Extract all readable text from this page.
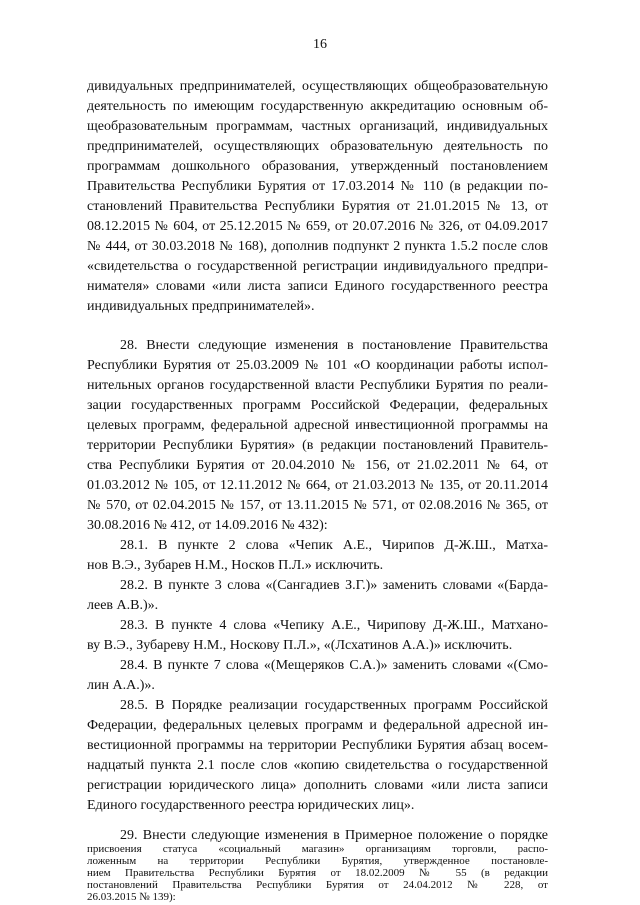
16
дивидуальных предпринимателей, осуществляющих общеобразовательную
деятельность по имеющим государственную аккредитацию основным об-
щеобразовательным программам, частных организаций, индивидуальных
предпринимателей, осуществляющих образовательную деятельность по
программам дошкольного образования, утвержденный постановлением
Правительства Республики Бурятия от 17.03.2014 № 110 (в редакции по-
становлений Правительства Республики Бурятия от 21.01.2015 № 13, от
08.12.2015 № 604, от 25.12.2015 № 659, от 20.07.2016 № 326, от 04.09.2017
№ 444, от 30.03.2018 № 168), дополнив подпункт 2 пункта 1.5.2 после слов
«свидетельства о государственной регистрации индивидуального предпри-
нимателя» словами «или листа записи Единого государственного реестра
индивидуальных предпринимателей».
28. Внести следующие изменения в постановление Правительства
Республики Бурятия от 25.03.2009 № 101 «О координации работы испол-
нительных органов государственной власти Республики Бурятия по реали-
зации государственных программ Российской Федерации, федеральных
целевых программ, федеральной адресной инвестиционной программы на
территории Республики Бурятия» (в редакции постановлений Правитель-
ства Республики Бурятия от 20.04.2010 № 156, от 21.02.2011 № 64, от
01.03.2012 № 105, от 12.11.2012 № 664, от 21.03.2013 № 135, от 20.11.2014
№ 570, от 02.04.2015 № 157, от 13.11.2015 № 571, от 02.08.2016 № 365, от
30.08.2016 № 412, от 14.09.2016 № 432):
28.1. В пункте 2 слова «Чепик А.Е., Чирипов Д-Ж.Ш., Матха-
нов В.Э., Зубарев Н.М., Носков П.Л.» исключить.
28.2. В пункте 3 слова «(Сангадиев З.Г.)» заменить словами «(Барда-
леев А.В.)».
28.3. В пункте 4 слова «Чепику А.Е., Чирипову Д-Ж.Ш., Матхано-
ву В.Э., Зубареву Н.М., Носкову П.Л.», «(Лсхатинов А.А.)» исключить.
28.4. В пункте 7 слова «(Мещеряков С.А.)» заменить словами «(Смо-
лин А.А.)».
28.5. В Порядке реализации государственных программ Российской
Федерации, федеральных целевых программ и федеральной адресной ин-
вестиционной программы на территории Республики Бурятия абзац восем-
надцатый пункта 2.1 после слов «копию свидетельства о государственной
регистрации юридического лица» дополнить словами «или листа записи
Единого государственного реестра юридических лиц».
29. Внести следующие изменения в Примерное положение о порядке
присвоения статуса «социальный магазин» организациям торговли, распо-
ложенным на территории Республики Бурятия, утвержденное постановле-
нием Правительства Республики Бурятия от 18.02.2009 № 55 (в редакции
постановлений Правительства Республики Бурятия от 24.04.2012 № 228, от
26.03.2015 № 139):
